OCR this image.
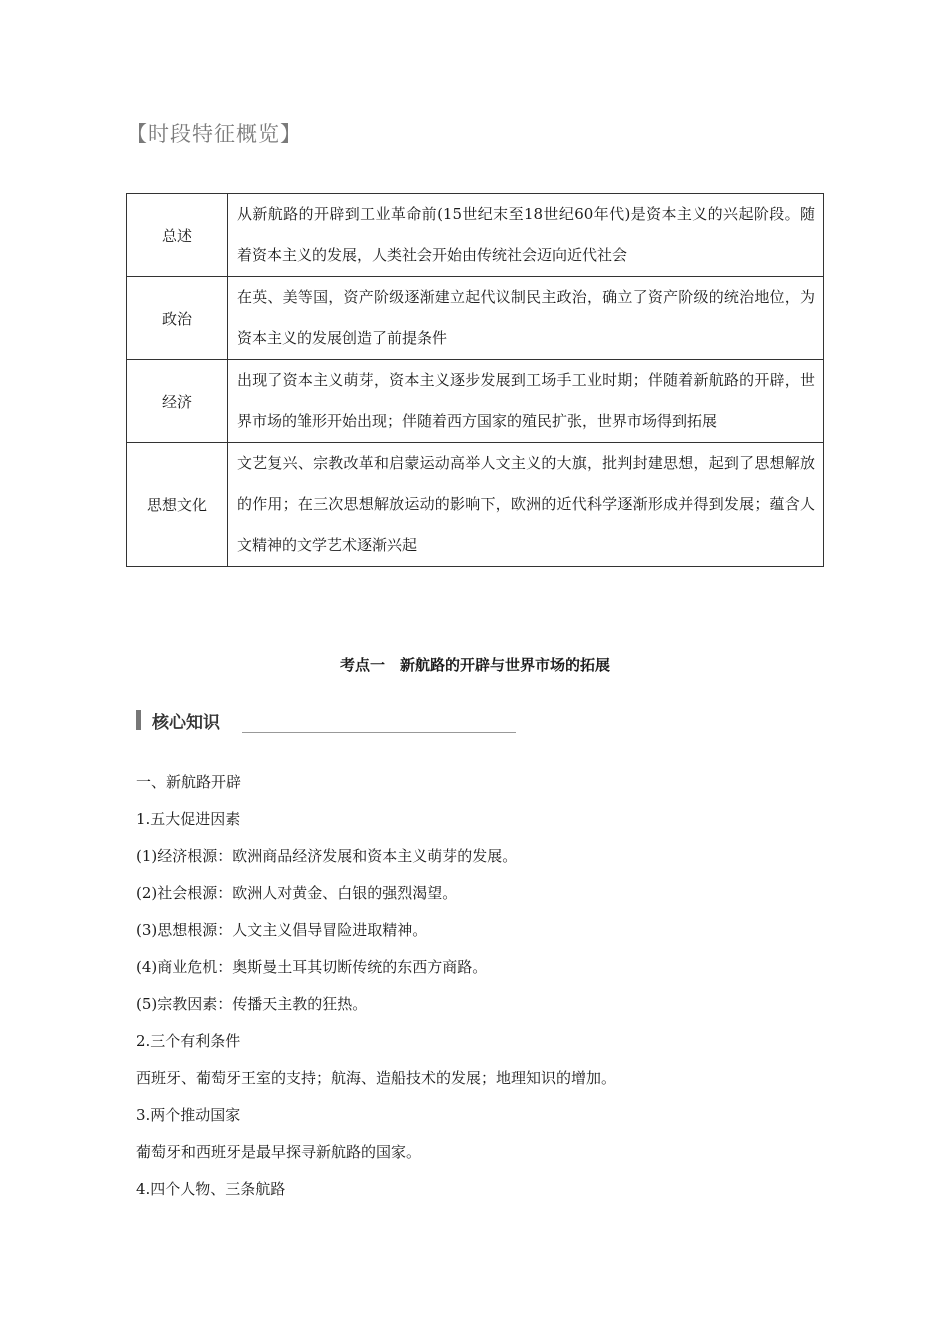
【时段特征概览】
总述	从新航路的开辟到工业革命前(15世纪末至18世纪60年代)是资本主义的兴起阶段。随着资本主义的发展，人类社会开始由传统社会迈向近代社会
政治	在英、美等国，资产阶级逐渐建立起代议制民主政治，确立了资产阶级的统治地位，为资本主义的发展创造了前提条件
经济	出现了资本主义萌芽，资本主义逐步发展到工场手工业时期；伴随着新航路的开辟，世界市场的雏形开始出现；伴随着西方国家的殖民扩张，世界市场得到拓展
思想文化	文艺复兴、宗教改革和启蒙运动高举人文主义的大旗，批判封建思想，起到了思想解放的作用；在三次思想解放运动的影响下，欧洲的近代科学逐渐形成并得到发展；蕴含人文精神的文学艺术逐渐兴起
考点一　新航路的开辟与世界市场的拓展
核心知识
一、新航路开辟
1.五大促进因素
(1)经济根源：欧洲商品经济发展和资本主义萌芽的发展。
(2)社会根源：欧洲人对黄金、白银的强烈渴望。
(3)思想根源：人文主义倡导冒险进取精神。
(4)商业危机：奥斯曼土耳其切断传统的东西方商路。
(5)宗教因素：传播天主教的狂热。
2.三个有利条件
西班牙、葡萄牙王室的支持；航海、造船技术的发展；地理知识的增加。
3.两个推动国家
葡萄牙和西班牙是最早探寻新航路的国家。
4.四个人物、三条航路
